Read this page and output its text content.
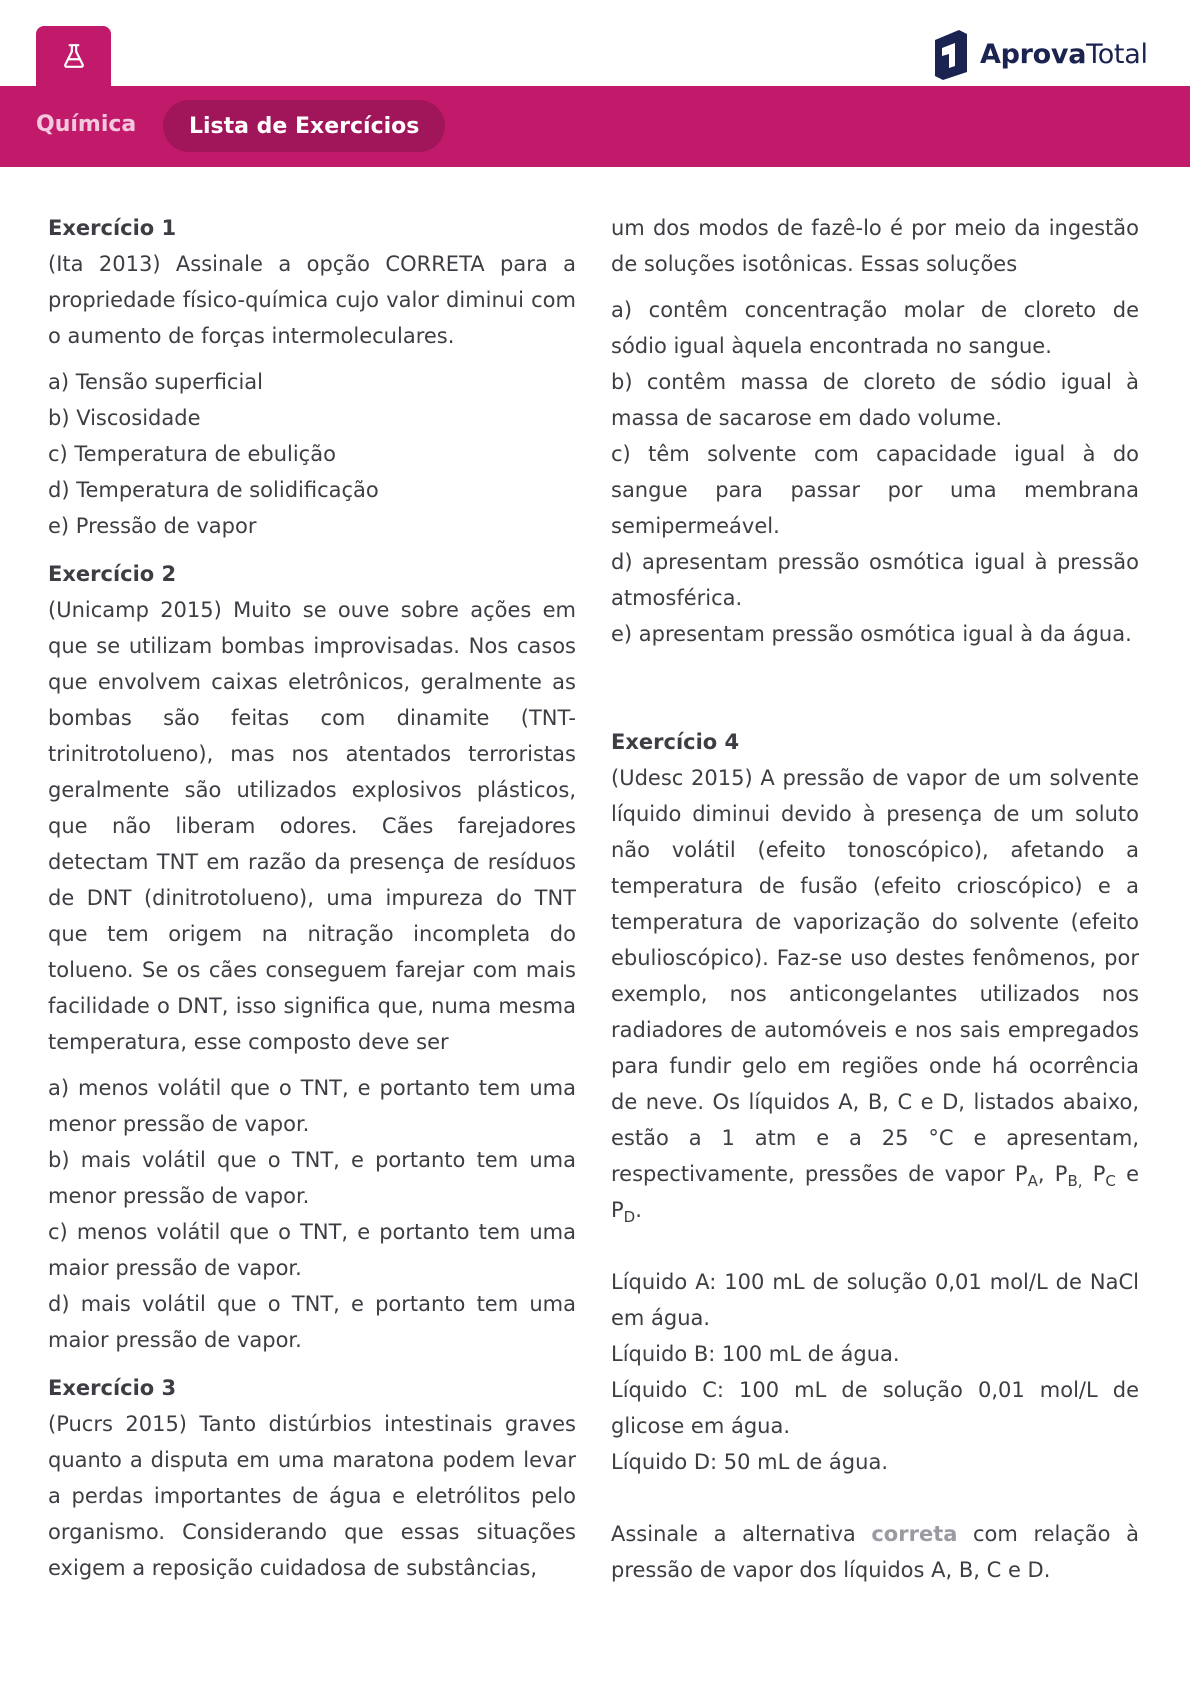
Química	Lista de Exercícios
AprovaTotal
Exercício 1

(Ita 2013) Assinale a opção CORRETA para a propriedade físico-química cujo valor diminui com o aumento de forças intermoleculares.

a) Tensão superficial
b) Viscosidade
c) Temperatura de ebulição
d) Temperatura de solidificação
e) Pressão de vapor
Exercício 2

(Unicamp 2015) Muito se ouve sobre ações em que se utilizam bombas improvisadas. Nos casos que envolvem caixas eletrônicos, geralmente as bombas são feitas com dinamite (TNT-trinitrotolueno), mas nos atentados terroristas geralmente são utilizados explosivos plásticos, que não liberam odores. Cães farejadores detectam TNT em razão da presença de resíduos de DNT (dinitrotolueno), uma impureza do TNT que tem origem na nitração incompleta do tolueno. Se os cães conseguem farejar com mais facilidade o DNT, isso significa que, numa mesma temperatura, esse composto deve ser

a) menos volátil que o TNT, e portanto tem uma menor pressão de vapor.
b) mais volátil que o TNT, e portanto tem uma menor pressão de vapor.
c) menos volátil que o TNT, e portanto tem uma maior pressão de vapor.
d) mais volátil que o TNT, e portanto tem uma maior pressão de vapor.
Exercício 3

(Pucrs 2015) Tanto distúrbios intestinais graves quanto a disputa em uma maratona podem levar a perdas importantes de água e eletrólitos pelo organismo. Considerando que essas situações exigem a reposição cuidadosa de substâncias,

um dos modos de fazê-lo é por meio da ingestão de soluções isotônicas. Essas soluções

a) contêm concentração molar de cloreto de sódio igual àquela encontrada no sangue.
b) contêm massa de cloreto de sódio igual à massa de sacarose em dado volume.
c) têm solvente com capacidade igual à do sangue para passar por uma membrana semipermeável.
d) apresentam pressão osmótica igual à pressão atmosférica.
e) apresentam pressão osmótica igual à da água.
Exercício 4

(Udesc 2015) A pressão de vapor de um solvente líquido diminui devido à presença de um soluto não volátil (efeito tonoscópico), afetando a temperatura de fusão (efeito crioscópico) e a temperatura de vaporização do solvente (efeito ebulioscópico). Faz-se uso destes fenômenos, por exemplo, nos anticongelantes utilizados nos radiadores de automóveis e nos sais empregados para fundir gelo em regiões onde há ocorrência de neve. Os líquidos A, B, C e D, listados abaixo, estão a 1 atm e a 25 °C e apresentam, respectivamente, pressões de vapor $P_A$, $P_{B,}$ $P_C$ e $P_D$.

Líquido A: 100 mL de solução 0,01 mol/L de NaCl em água.
Líquido B: 100 mL de água.
Líquido C: 100 mL de solução 0,01 mol/L de glicose em água.
Líquido D: 50 mL de água.

Assinale a alternativa correta com relação à pressão de vapor dos líquidos A, B, C e D.
